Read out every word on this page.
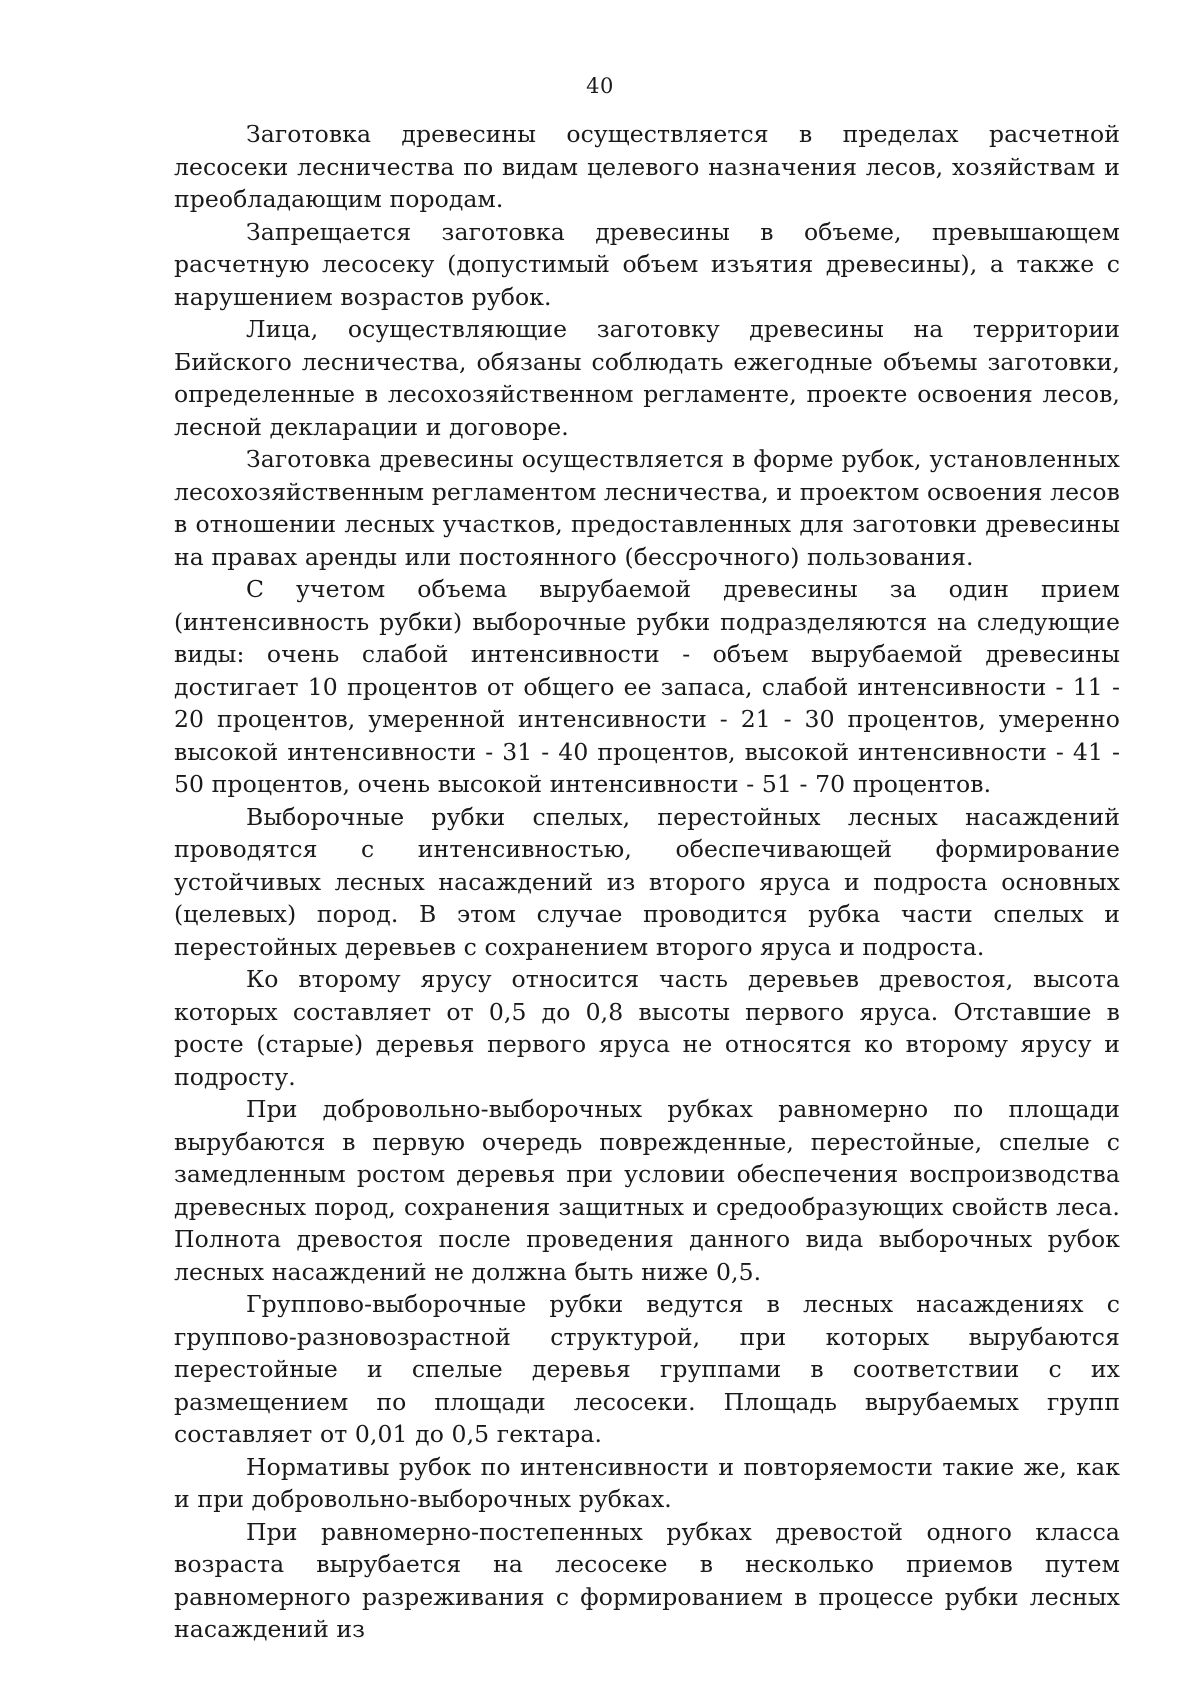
40

Заготовка древесины осуществляется в пределах расчетной лесосеки лесничества по видам целевого назначения лесов, хозяйствам и преобладающим породам.

Запрещается заготовка древесины в объеме, превышающем расчетную лесосеку (допустимый объем изъятия древесины), а также с нарушением возрастов рубок.

Лица, осуществляющие заготовку древесины на территории Бийского лесничества, обязаны соблюдать ежегодные объемы заготовки, определенные в лесохозяйственном регламенте, проекте освоения лесов, лесной декларации и договоре.

Заготовка древесины осуществляется в форме рубок, установленных лесохозяйственным регламентом лесничества, и проектом освоения лесов в отношении лесных участков, предоставленных для заготовки древесины на правах аренды или постоянного (бессрочного) пользования.

С учетом объема вырубаемой древесины за один прием (интенсивность рубки) выборочные рубки подразделяются на следующие виды: очень слабой интенсивности - объем вырубаемой древесины достигает 10 процентов от общего ее запаса, слабой интенсивности - 11 - 20 процентов, умеренной интенсивности - 21 - 30 процентов, умеренно высокой интенсивности - 31 - 40 процентов, высокой интенсивности - 41 - 50 процентов, очень высокой интенсивности - 51 - 70 процентов.

Выборочные рубки спелых, перестойных лесных насаждений проводятся с интенсивностью, обеспечивающей формирование устойчивых лесных насаждений из второго яруса и подроста основных (целевых) пород. В этом случае проводится рубка части спелых и перестойных деревьев с сохранением второго яруса и подроста.

Ко второму ярусу относится часть деревьев древостоя, высота которых составляет от 0,5 до 0,8 высоты первого яруса. Отставшие в росте (старые) деревья первого яруса не относятся ко второму ярусу и подросту.

При добровольно-выборочных рубках равномерно по площади вырубаются в первую очередь поврежденные, перестойные, спелые с замедленным ростом деревья при условии обеспечения воспроизводства древесных пород, сохранения защитных и средообразующих свойств леса. Полнота древостоя после проведения данного вида выборочных рубок лесных насаждений не должна быть ниже 0,5.

Группово-выборочные рубки ведутся в лесных насаждениях с групповo-разновозрастной структурой, при которых вырубаются перестойные и спелые деревья группами в соответствии с их размещением по площади лесосеки. Площадь вырубаемых групп составляет от 0,01 до 0,5 гектара.

Нормативы рубок по интенсивности и повторяемости такие же, как и при добровольно-выборочных рубках.

При равномерно-постепенных рубках древостой одного класса возраста вырубается на лесосеке в несколько приемов путем равномерного разреживания с формированием в процессе рубки лесных насаждений из
